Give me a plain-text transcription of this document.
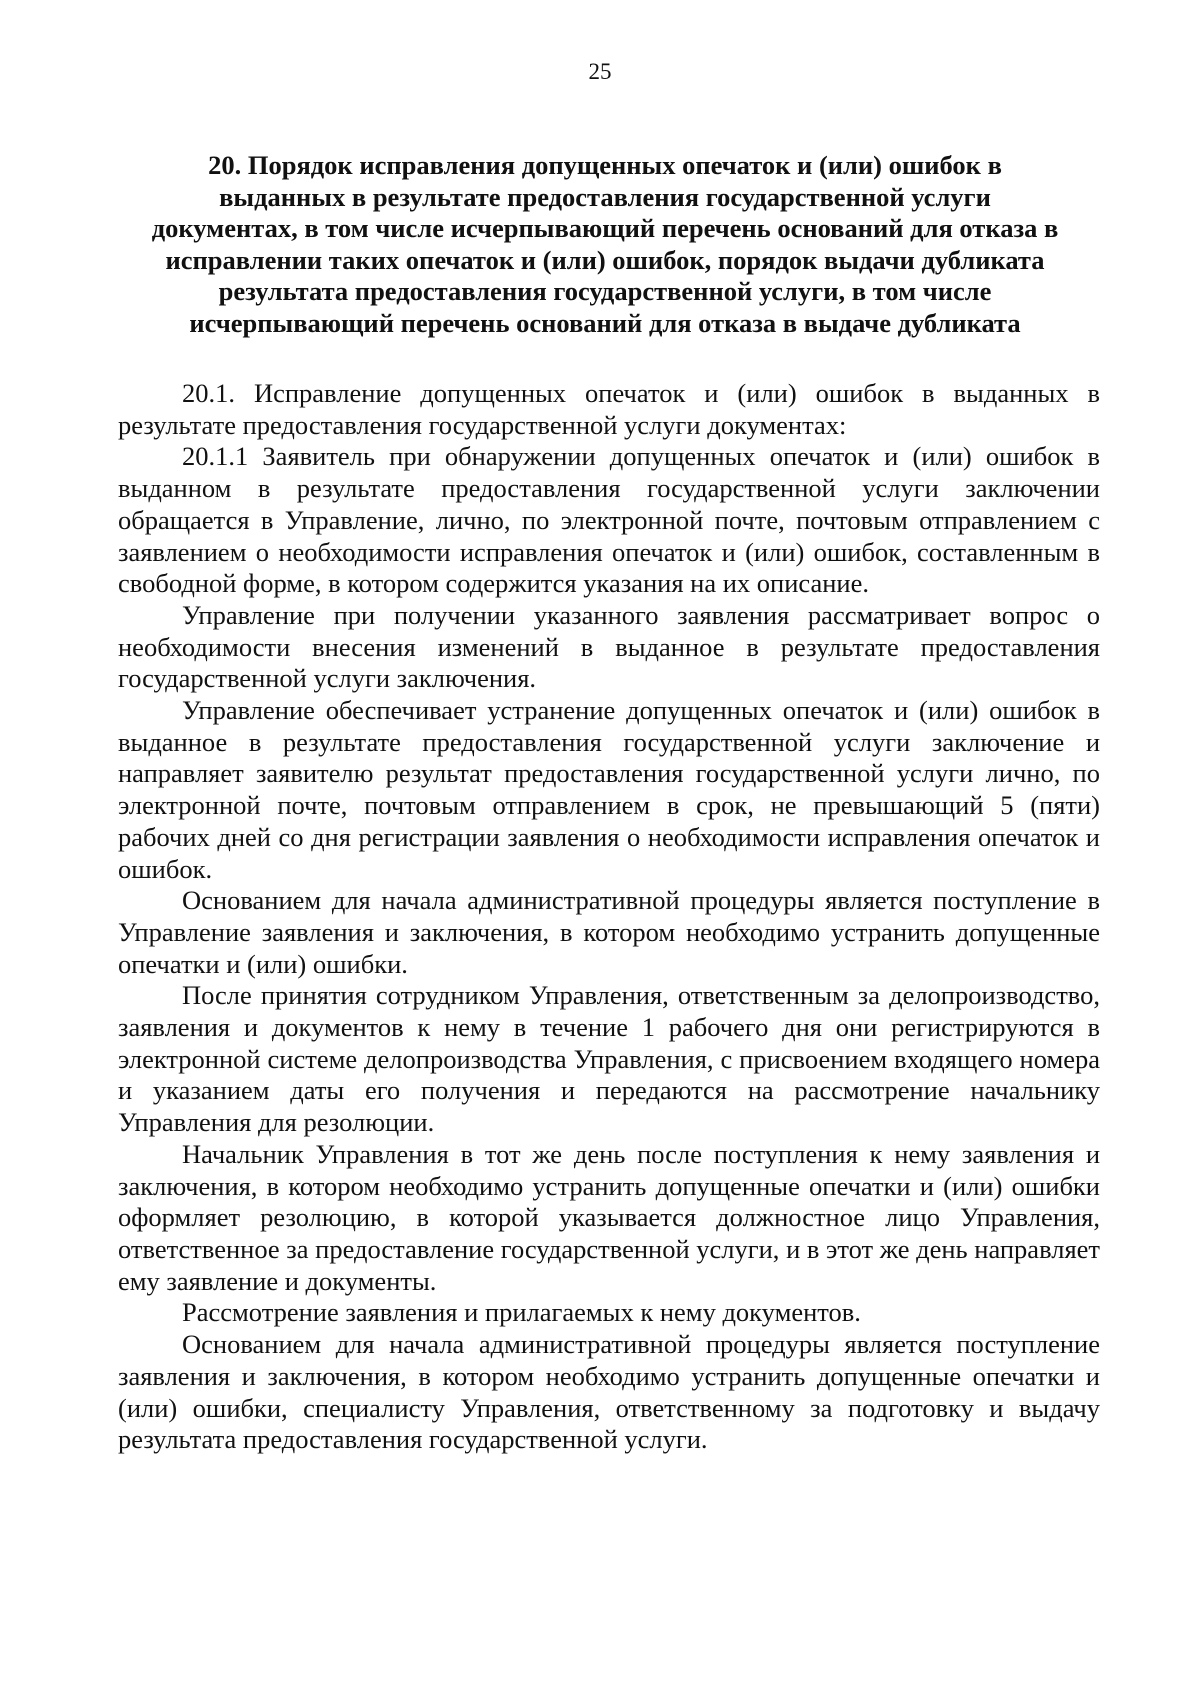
25
20. Порядок исправления допущенных опечаток и (или) ошибок в
выданных в результате предоставления государственной услуги
документах, в том числе исчерпывающий перечень оснований для отказа в
исправлении таких опечаток и (или) ошибок, порядок выдачи дубликата
результата предоставления государственной услуги, в том числе
исчерпывающий перечень оснований для отказа в выдаче дубликата

20.1. Исправление допущенных опечаток и (или) ошибок в выданных в результате предоставления государственной услуги документах:

20.1.1 Заявитель при обнаружении допущенных опечаток и (или) ошибок в выданном в результате предоставления государственной услуги заключении обращается в Управление, лично, по электронной почте, почтовым отправлением с заявлением о необходимости исправления опечаток и (или) ошибок, составленным в свободной форме, в котором содержится указания на их описание.

Управление при получении указанного заявления рассматривает вопрос о необходимости внесения изменений в выданное в результате предоставления государственной услуги заключения.

Управление обеспечивает устранение допущенных опечаток и (или) ошибок в выданное в результате предоставления государственной услуги заключение и направляет заявителю результат предоставления государственной услуги лично, по электронной почте, почтовым отправлением в срок, не превышающий 5 (пяти) рабочих дней со дня регистрации заявления о необходимости исправления опечаток и ошибок.

Основанием для начала административной процедуры является поступление в Управление заявления и заключения, в котором необходимо устранить допущенные опечатки и (или) ошибки.

После принятия сотрудником Управления, ответственным за делопроизводство, заявления и документов к нему в течение 1 рабочего дня они регистрируются в электронной системе делопроизводства Управления, с присвоением входящего номера и указанием даты его получения и передаются на рассмотрение начальнику Управления для резолюции.

Начальник Управления в тот же день после поступления к нему заявления и заключения, в котором необходимо устранить допущенные опечатки и (или) ошибки оформляет резолюцию, в которой указывается должностное лицо Управления, ответственное за предоставление государственной услуги, и в этот же день направляет ему заявление и документы.

Рассмотрение заявления и прилагаемых к нему документов.

Основанием для начала административной процедуры является поступление заявления и заключения, в котором необходимо устранить допущенные опечатки и (или) ошибки, специалисту Управления, ответственному за подготовку и выдачу результата предоставления государственной услуги.
